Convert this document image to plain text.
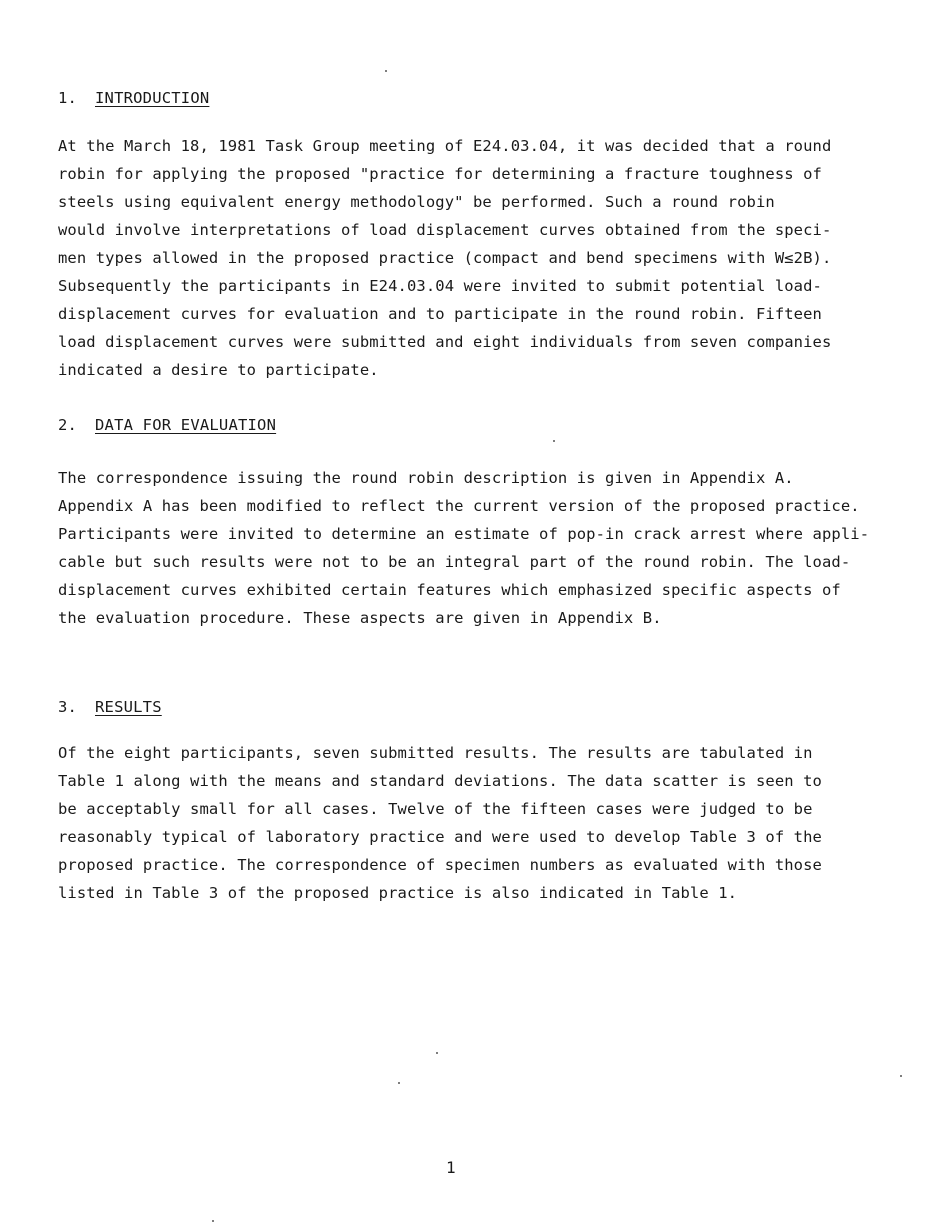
1. INTRODUCTION
At the March 18, 1981 Task Group meeting of E24.03.04, it was decided that a round
robin for applying the proposed "practice for determining a fracture toughness of
steels using equivalent energy methodology" be performed. Such a round robin
would involve interpretations of load displacement curves obtained from the speci-
men types allowed in the proposed practice (compact and bend specimens with W≤2B).
Subsequently the participants in E24.03.04 were invited to submit potential load-
displacement curves for evaluation and to participate in the round robin. Fifteen
load displacement curves were submitted and eight individuals from seven companies
indicated a desire to participate.
2. DATA FOR EVALUATION
The correspondence issuing the round robin description is given in Appendix A.
Appendix A has been modified to reflect the current version of the proposed practice.
Participants were invited to determine an estimate of pop-in crack arrest where appli-
cable but such results were not to be an integral part of the round robin. The load-
displacement curves exhibited certain features which emphasized specific aspects of
the evaluation procedure. These aspects are given in Appendix B.
3. RESULTS
Of the eight participants, seven submitted results. The results are tabulated in
Table 1 along with the means and standard deviations. The data scatter is seen to
be acceptably small for all cases. Twelve of the fifteen cases were judged to be
reasonably typical of laboratory practice and were used to develop Table 3 of the
proposed practice. The correspondence of specimen numbers as evaluated with those
listed in Table 3 of the proposed practice is also indicated in Table 1.
1
